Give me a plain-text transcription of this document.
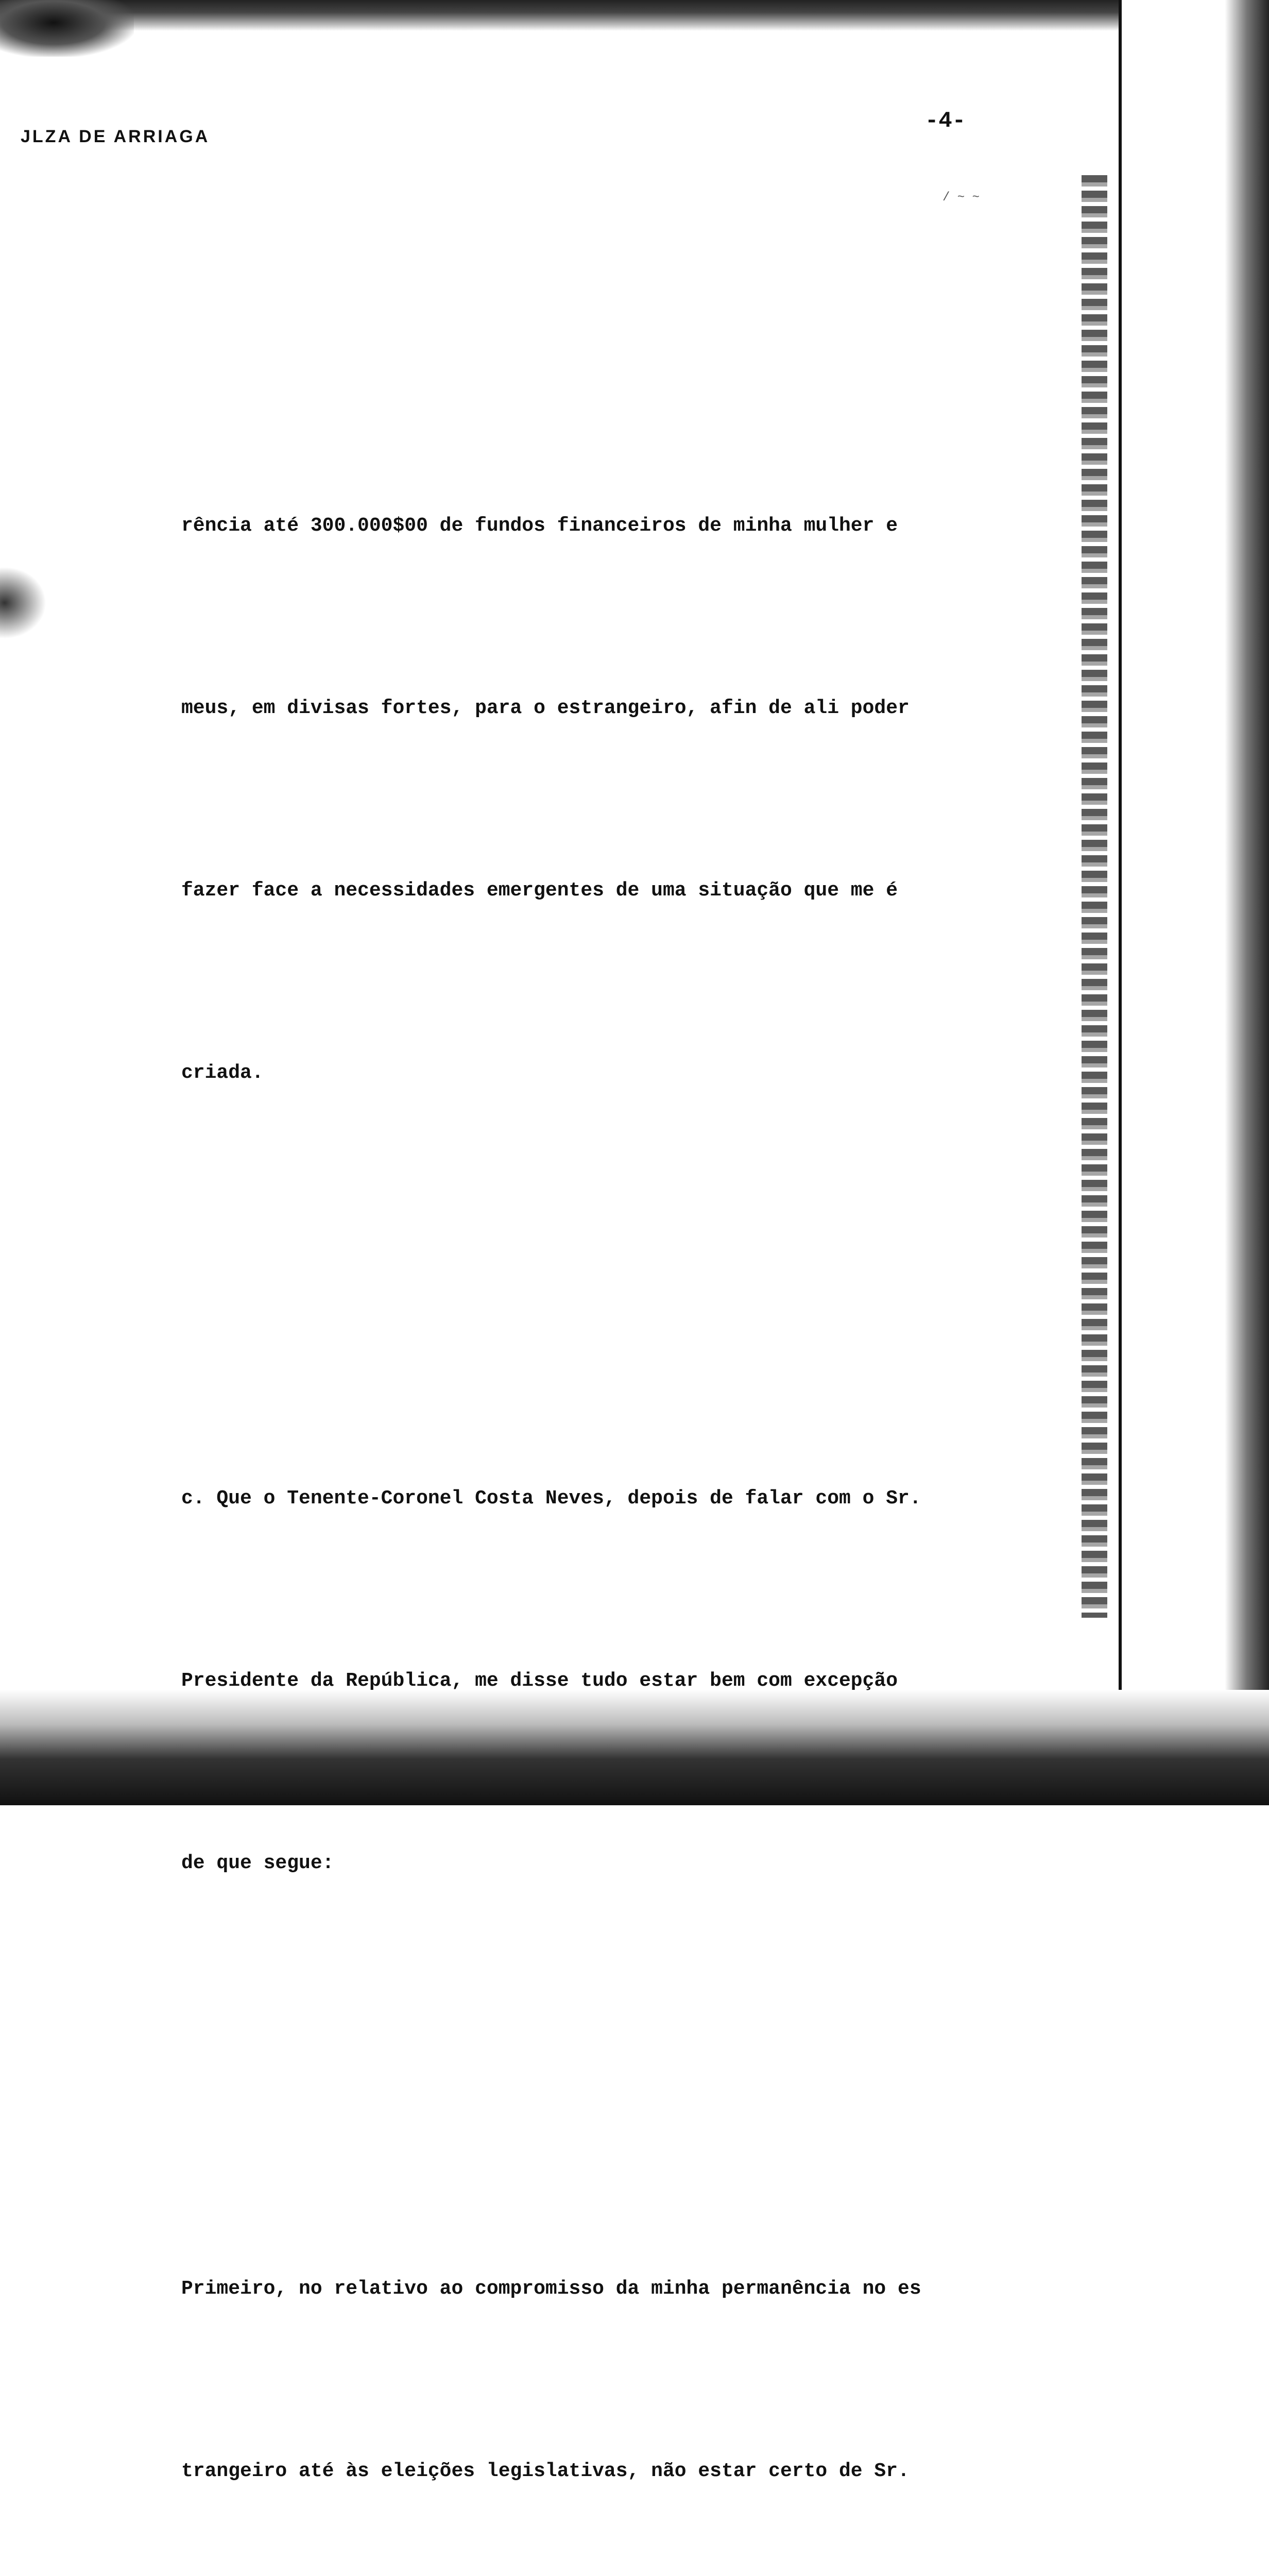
JLZA DE ARRIAGA
-4-
/ ~ ~

rência até 300.000$00 de fundos financeiros de minha mulher e

meus, em divisas fortes, para o estrangeiro, afin de ali poder

fazer face a necessidades emergentes de uma situação que me é

criada.

c. Que o Tenente-Coronel Costa Neves, depois de falar com o Sr.

Presidente da República, me disse tudo estar bem com excepção

de que segue:

Primeiro, no relativo ao compromisso da minha permanência no es

trangeiro até às eleições legislativas, não estar certo de Sr.
